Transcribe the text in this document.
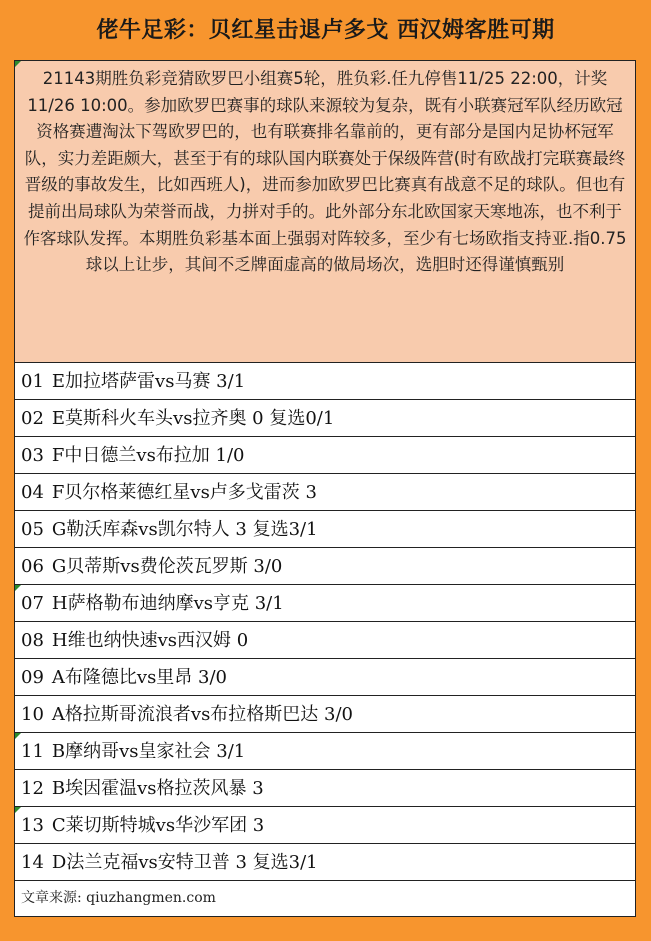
佬牛足彩：贝红星击退卢多戈 西汉姆客胜可期
21143期胜负彩竞猜欧罗巴小组赛5轮，胜负彩.任九停售11/25 22:00，计奖11/26 10:00。参加欧罗巴赛事的球队来源较为复杂，既有小联赛冠军队经历欧冠资格赛遭淘汰下驾欧罗巴的，也有联赛排名靠前的，更有部分是国内足协杯冠军队，实力差距颇大，甚至于有的球队国内联赛处于保级阵营(时有欧战打完联赛最终晋级的事故发生，比如西班人)，进而参加欧罗巴比赛真有战意不足的球队。但也有提前出局球队为荣誉而战，力拼对手的。此外部分东北欧国家天寒地冻，也不利于作客球队发挥。本期胜负彩基本面上强弱对阵较多，至少有七场欧指支持亚.指0.75球以上让步，其间不乏牌面虚高的做局场次，选胆时还得谨慎甄别
01 E加拉塔萨雷vs马赛 3/1
02 E莫斯科火车头vs拉齐奥 0 复选0/1
03 F中日德兰vs布拉加 1/0
04 F贝尔格莱德红星vs卢多戈雷茨 3
05 G勒沃库森vs凯尔特人 3 复选3/1
06 G贝蒂斯vs费伦茨瓦罗斯 3/0
07 H萨格勒布迪纳摩vs亨克 3/1
08 H维也纳快速vs西汉姆 0
09 A布隆德比vs里昂 3/0
10 A格拉斯哥流浪者vs布拉格斯巴达 3/0
11 B摩纳哥vs皇家社会 3/1
12 B埃因霍温vs格拉茨风暴 3
13 C莱切斯特城vs华沙军团 3
14 D法兰克福vs安特卫普 3 复选3/1
文章来源: qiuzhangmen.com
